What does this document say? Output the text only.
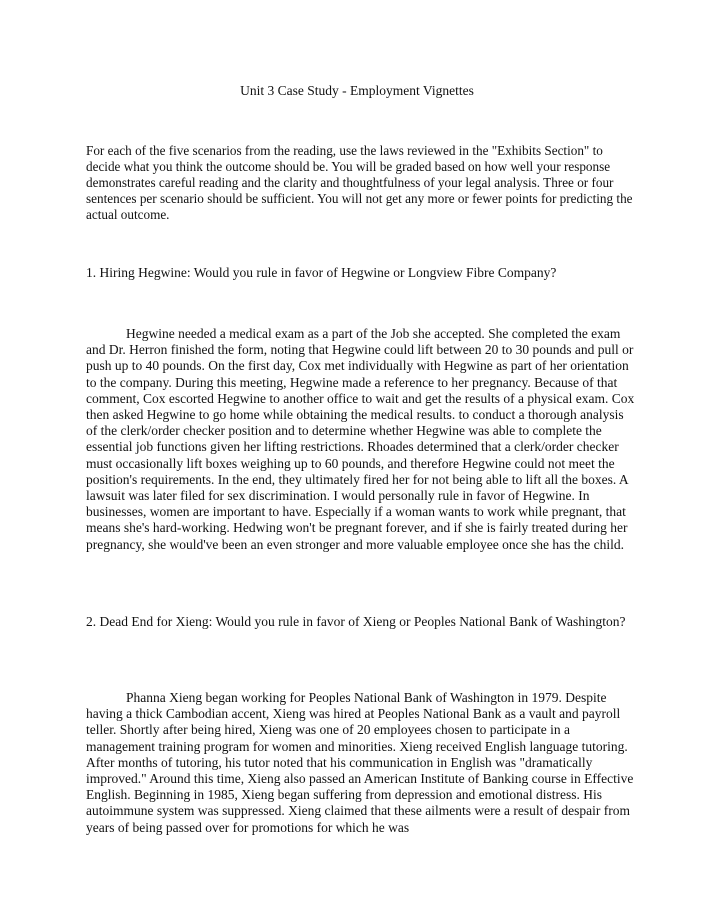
Unit 3 Case Study - Employment Vignettes
For each of the five scenarios from the reading, use the laws reviewed in the "Exhibits Section" to decide what you think the outcome should be. You will be graded based on how well your response demonstrates careful reading and the clarity and thoughtfulness of your legal analysis. Three or four sentences per scenario should be sufficient. You will not get any more or fewer points for predicting the actual outcome.
1. Hiring Hegwine: Would you rule in favor of Hegwine or Longview Fibre Company?

Hegwine needed a medical exam as a part of the Job she accepted. She completed the exam and Dr. Herron finished the form, noting that Hegwine could lift between 20 to 30 pounds and pull or push up to 40 pounds. On the first day, Cox met individually with Hegwine as part of her orientation to the company. During this meeting, Hegwine made a reference to her pregnancy. Because of that comment, Cox escorted Hegwine to another office to wait and get the results of a physical exam. Cox then asked Hegwine to go home while obtaining the medical results. to conduct a thorough analysis of the clerk/order checker position and to determine whether Hegwine was able to complete the essential job functions given her lifting restrictions. Rhoades determined that a clerk/order checker must occasionally lift boxes weighing up to 60 pounds, and therefore Hegwine could not meet the position's requirements. In the end, they ultimately fired her for not being able to lift all the boxes. A lawsuit was later filed for sex discrimination. I would personally rule in favor of Hegwine. In businesses, women are important to have. Especially if a woman wants to work while pregnant, that means she's hard-working. Hedwing won't be pregnant forever, and if she is fairly treated during her pregnancy, she would've been an even stronger and more valuable employee once she has the child.

2. Dead End for Xieng: Would you rule in favor of Xieng or Peoples National Bank of Washington?

Phanna Xieng began working for Peoples National Bank of Washington in 1979. Despite having a thick Cambodian accent, Xieng was hired at Peoples National Bank as a vault and payroll teller. Shortly after being hired, Xieng was one of 20 employees chosen to participate in a management training program for women and minorities. Xieng received English language tutoring. After months of tutoring, his tutor noted that his communication in English was "dramatically improved." Around this time, Xieng also passed an American Institute of Banking course in Effective English. Beginning in 1985, Xieng began suffering from depression and emotional distress. His autoimmune system was suppressed. Xieng claimed that these ailments were a result of despair from years of being passed over for promotions for which he was
